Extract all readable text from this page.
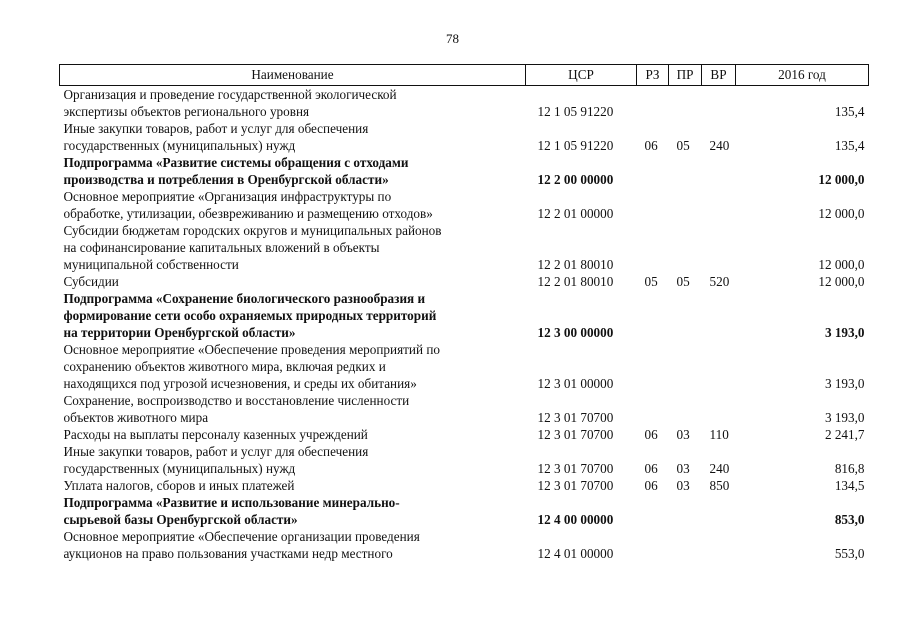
78
Наименование	ЦСР	РЗ	ПР	ВР	2016 год

Организация и проведение государственной экологической
экспертизы объектов регионального уровня	12 1 05 91220				135,4

Иные закупки товаров, работ и услуг для обеспечения
государственных (муниципальных) нужд	12 1 05 91220	06	05	240	135,4

Подпрограмма «Развитие системы обращения с отходами
производства и потребления в Оренбургской области»	12 2 00 00000				12 000,0

Основное мероприятие «Организация инфраструктуры по
обработке, утилизации, обезвреживанию и размещению отходов»	12 2 01 00000				12 000,0

Субсидии бюджетам городских округов и муниципальных районов
на софинансирование капитальных вложений в объекты
муниципальной собственности	12 2 01 80010				12 000,0

Субсидии	12 2 01 80010	05	05	520	12 000,0

Подпрограмма «Сохранение биологического разнообразия и
формирование сети особо охраняемых природных территорий
на территории Оренбургской области»	12 3 00 00000				3 193,0

Основное мероприятие «Обеспечение проведения мероприятий по
сохранению объектов животного мира, включая редких и
находящихся под угрозой исчезновения, и среды их обитания»	12 3 01 00000				3 193,0

Сохранение, воспроизводство и восстановление численности
объектов животного мира	12 3 01 70700				3 193,0

Расходы на выплаты персоналу казенных учреждений	12 3 01 70700	06	03	110	2 241,7

Иные закупки товаров, работ и услуг для обеспечения
государственных (муниципальных) нужд	12 3 01 70700	06	03	240	816,8

Уплата налогов, сборов и иных платежей	12 3 01 70700	06	03	850	134,5

Подпрограмма «Развитие и использование минерально-
сырьевой базы Оренбургской области»	12 4 00 00000				853,0

Основное мероприятие «Обеспечение организации проведения
аукционов на право пользования участками недр местного	12 4 01 00000				553,0
